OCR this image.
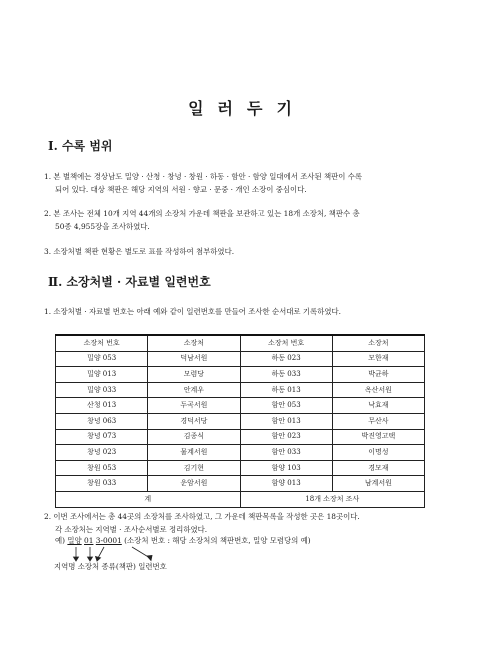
일러두기
Ⅰ. 수록 범위
1. 본 별책에는 경상남도 밀양 · 산청 · 창녕 · 창원 · 하동 · 함안 · 함양 일대에서 조사된 책판이 수록
되어 있다. 대상 책판은 해당 지역의 서원 · 향교 · 문중 · 개인 소장이 중심이다.
2. 본 조사는 전체 10개 지역 44개의 소장처 가운데 책판을 보관하고 있는 18개 소장처, 책판수 총
50종 4,955장을 조사하였다.
3. 소장처별 책판 현황은 별도로 표를 작성하여 첨부하였다.
Ⅱ. 소장처별 · 자료별 일련번호
1. 소장처별 · 자료별 번호는 아래 예와 같이 일련번호를 만들어 조사한 순서대로 기록하였다.
소장처 번호	소장처	소장처 번호	소장처
밀양 053	덕남서원	하동 023	모한재
밀양 013	모렴당	하동 033	박균하
밀양 033	안계우	하동 013	옥산서원
산청 013	두곡서원	함안 053	낙효재
창녕 063	경덕서당	함안 013	무산사
창녕 073	김종식	함안 023	박진영고택
창녕 023	물계서원	함안 033	이명성
창원 053	김기현	함양 103	경모재
창원 033	운암서원	함양 013	남계서원
계		18개 소장처 조사	
2. 이번 조사에서는 총 44곳의 소장처를 조사하였고, 그 가운데 책판목록을 작성한 곳은 18곳이다.
각 소장처는 지역별 · 조사순서별로 정리하였다.
예) 밀양 01 3-0001 (소장처 번호 : 해당 소장처의 책판번호, 밀양 모렴당의 예)
지역명 소장처 종류(책판) 일련번호
